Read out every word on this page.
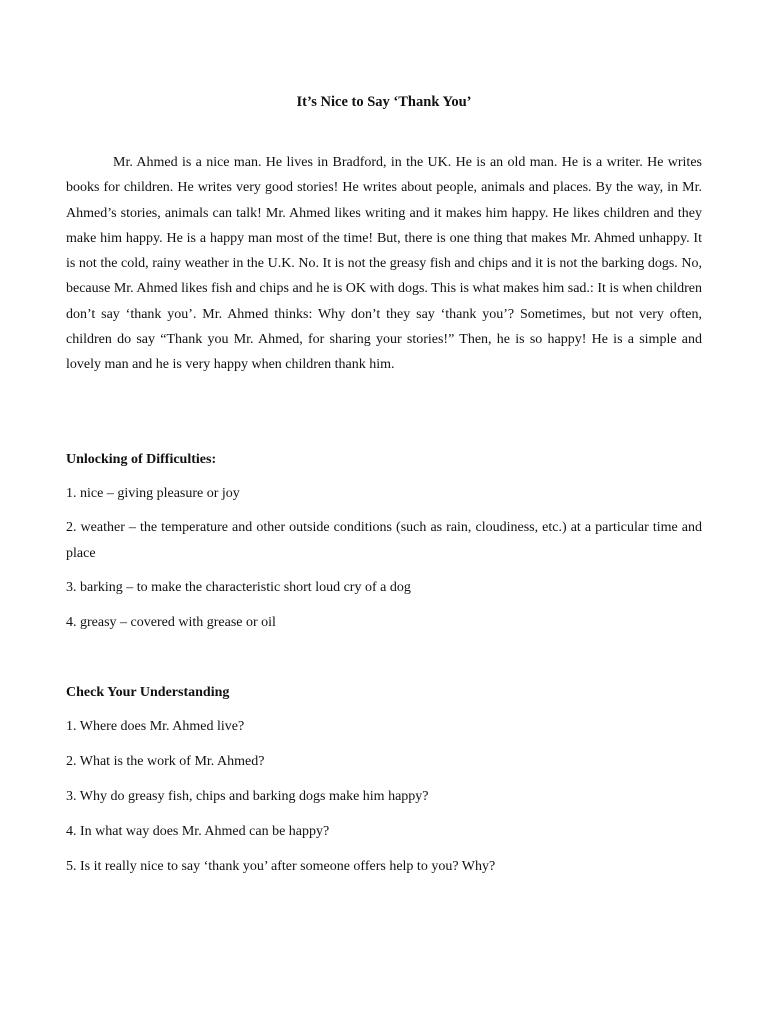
It’s Nice to Say ‘Thank You’

Mr. Ahmed is a nice man. He lives in Bradford, in the UK. He is an old man. He is a writer. He writes books for children. He writes very good stories! He writes about people, animals and places. By the way, in Mr. Ahmed’s stories, animals can talk! Mr. Ahmed likes writing and it makes him happy. He likes children and they make him happy. He is a happy man most of the time! But, there is one thing that makes Mr. Ahmed unhappy. It is not the cold, rainy weather in the U.K. No. It is not the greasy fish and chips and it is not the barking dogs. No, because Mr. Ahmed likes fish and chips and he is OK with dogs. This is what makes him sad.: It is when children don’t say ‘thank you’. Mr. Ahmed thinks: Why don’t they say ‘thank you’? Sometimes, but not very often, children do say “Thank you Mr. Ahmed, for sharing your stories!” Then, he is so happy! He is a simple and lovely man and he is very happy when children thank him.

Unlocking of Difficulties:

1. nice – giving pleasure or joy

2. weather – the temperature and other outside conditions (such as rain, cloudiness, etc.) at a particular time and place

3. barking – to make the characteristic short loud cry of a dog

4. greasy – covered with grease or oil

Check Your Understanding

1. Where does Mr. Ahmed live?

2. What is the work of Mr. Ahmed?

3. Why do greasy fish, chips and barking dogs make him happy?

4. In what way does Mr. Ahmed can be happy?

5. Is it really nice to say ‘thank you’ after someone offers help to you? Why?
